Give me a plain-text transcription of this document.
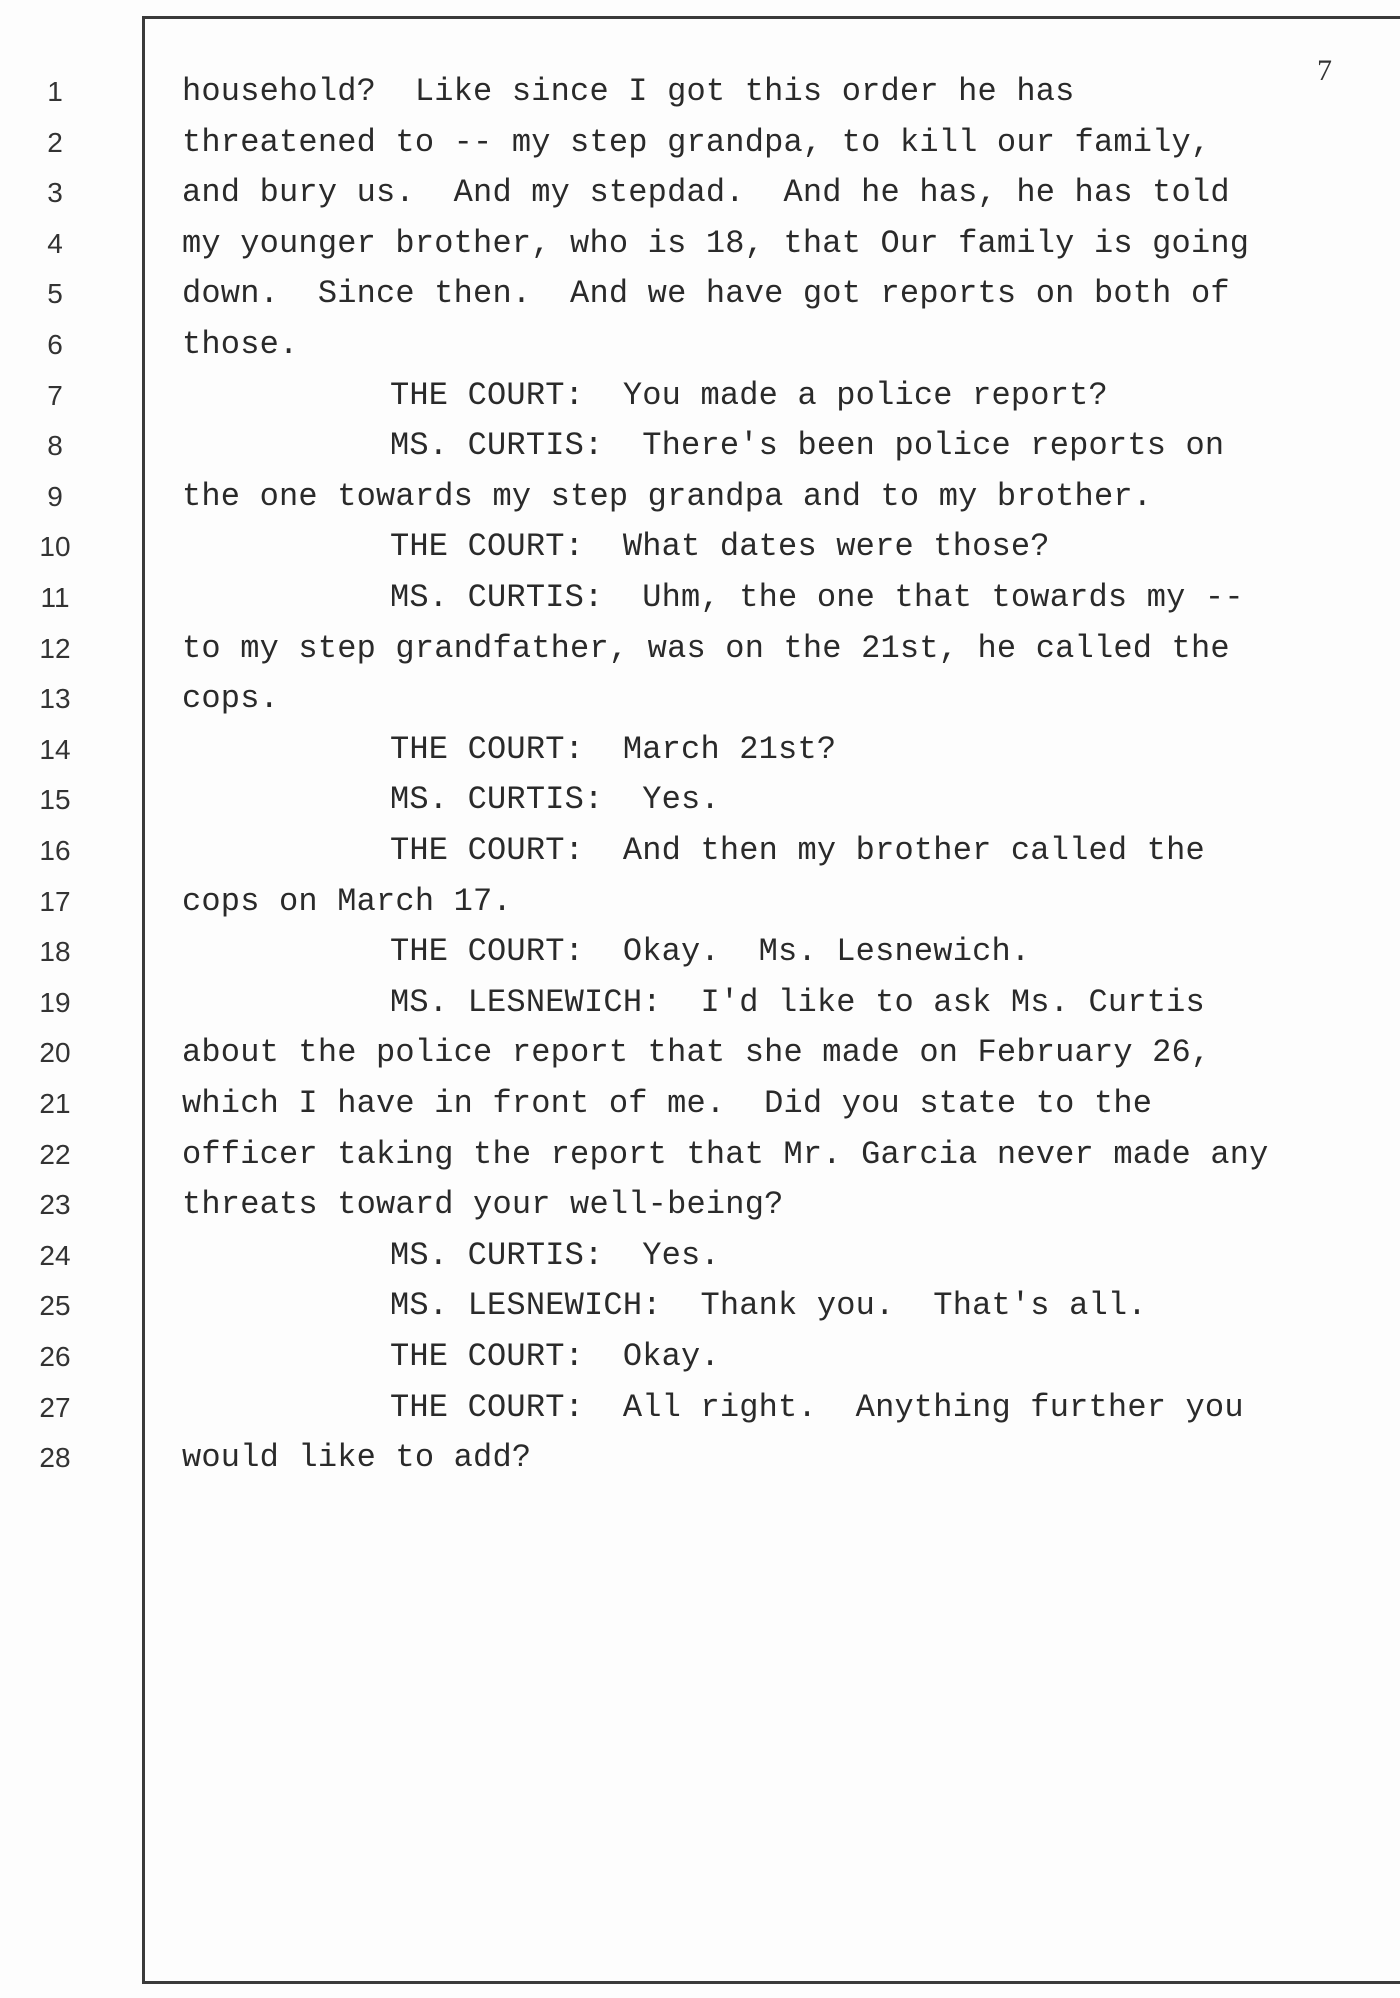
7
1
2
3
4
5
6
7
8
9
10
11
12
13
14
15
16
17
18
19
20
21
22
23
24
25
26
27
28
household?  Like since I got this order he has
threatened to -- my step grandpa, to kill our family,
and bury us.  And my stepdad.  And he has, he has told
my younger brother, who is 18, that Our family is going
down.  Since then.  And we have got reports on both of
those.
THE COURT:  You made a police report?
MS. CURTIS:  There's been police reports on
the one towards my step grandpa and to my brother.
THE COURT:  What dates were those?
MS. CURTIS:  Uhm, the one that towards my --
to my step grandfather, was on the 21st, he called the
cops.
THE COURT:  March 21st?
MS. CURTIS:  Yes.
THE COURT:  And then my brother called the
cops on March 17.
THE COURT:  Okay.  Ms. Lesnewich.
MS. LESNEWICH:  I'd like to ask Ms. Curtis
about the police report that she made on February 26,
which I have in front of me.  Did you state to the
officer taking the report that Mr. Garcia never made any
threats toward your well-being?
MS. CURTIS:  Yes.
MS. LESNEWICH:  Thank you.  That's all.
THE COURT:  Okay.
THE COURT:  All right.  Anything further you
would like to add?
